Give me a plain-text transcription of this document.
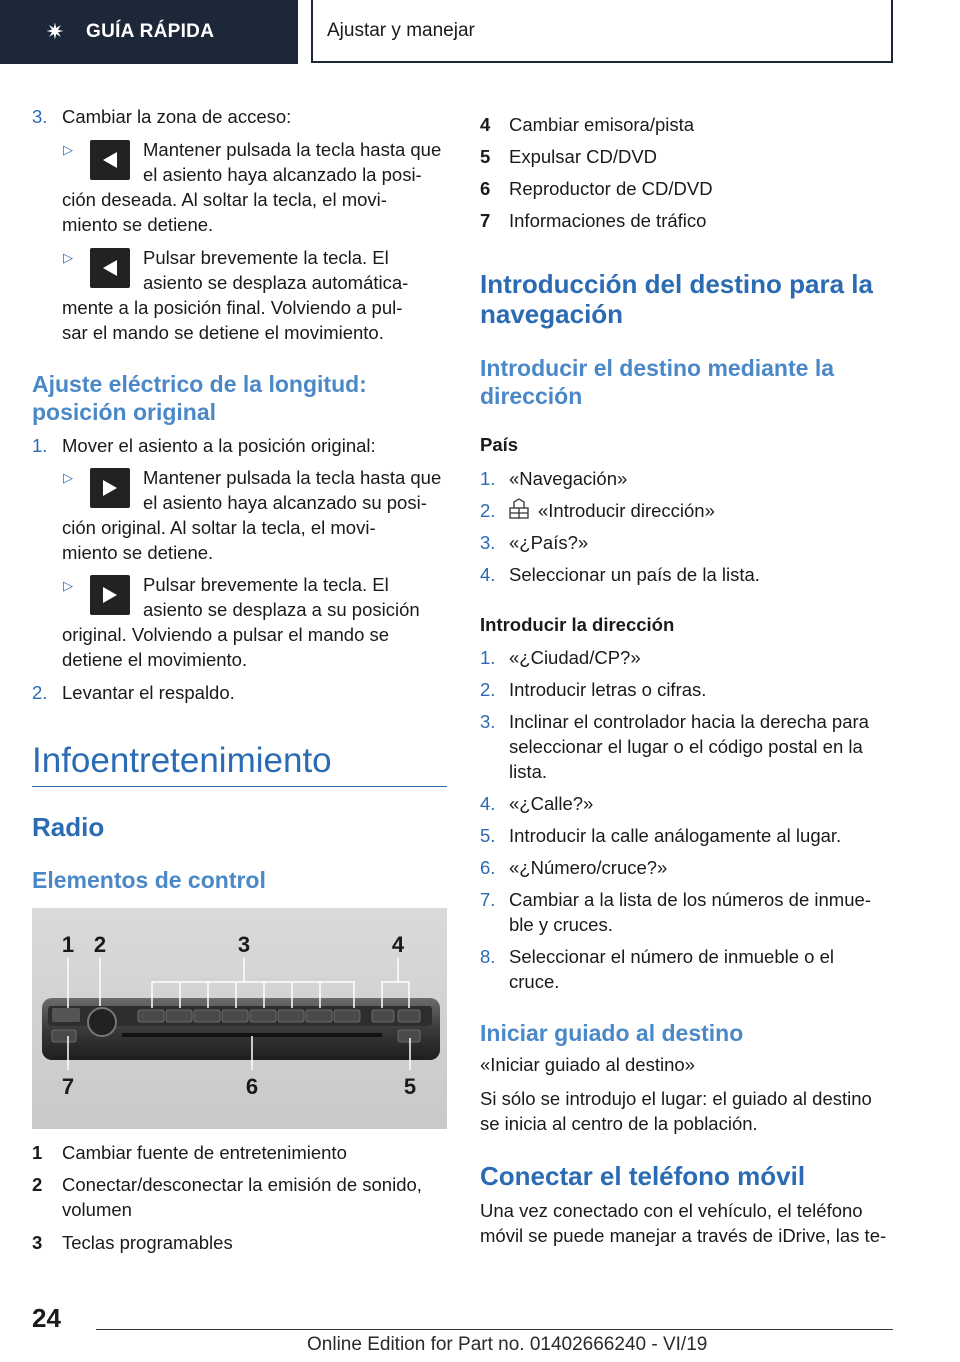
✷ GUÍA RÁPIDA	Ajustar y manejar
3. Cambiar la zona de acceso:
▷	Mantener pulsada la tecla hasta que
el asiento haya alcanzado la posi-
ción deseada. Al soltar la tecla, el movi-
miento se detiene.
▷	Pulsar brevemente la tecla. El
asiento se desplaza automática-
mente a la posición final. Volviendo a pul-
sar el mando se detiene el movimiento.
Ajuste eléctrico de la longitud:
posición original
1. Mover el asiento a la posición original:
▷	Mantener pulsada la tecla hasta que
el asiento haya alcanzado su posi-
ción original. Al soltar la tecla, el movi-
miento se detiene.
▷	Pulsar brevemente la tecla. El
asiento se desplaza a su posición
original. Volviendo a pulsar el mando se
detiene el movimiento.
2. Levantar el respaldo.
Infoentretenimiento
Radio
Elementos de control
1 2	3	4
7	6	5
1 Cambiar fuente de entretenimiento
2 Conectar/desconectar la emisión de sonido,
volumen
3 Teclas programables
4 Cambiar emisora/pista
5 Expulsar CD/DVD
6 Reproductor de CD/DVD
7 Informaciones de tráfico
Introducción del destino para la
navegación
Introducir el destino mediante la
dirección
País
1. «Navegación»
2. «Introducir dirección»
3. «¿País?»
4. Seleccionar un país de la lista.
Introducir la dirección
1. «¿Ciudad/CP?»
2. Introducir letras o cifras.
3. Inclinar el controlador hacia la derecha para
seleccionar el lugar o el código postal en la
lista.
4. «¿Calle?»
5. Introducir la calle análogamente al lugar.
6. «¿Número/cruce?»
7. Cambiar a la lista de los números de inmue-
ble y cruces.
8. Seleccionar el número de inmueble o el
cruce.
Iniciar guiado al destino
«Iniciar guiado al destino»
Si sólo se introdujo el lugar: el guiado al destino
se inicia al centro de la población.
Conectar el teléfono móvil
Una vez conectado con el vehículo, el teléfono
móvil se puede manejar a través de iDrive, las te-
24
Online Edition for Part no. 01402666240 - VI/19
